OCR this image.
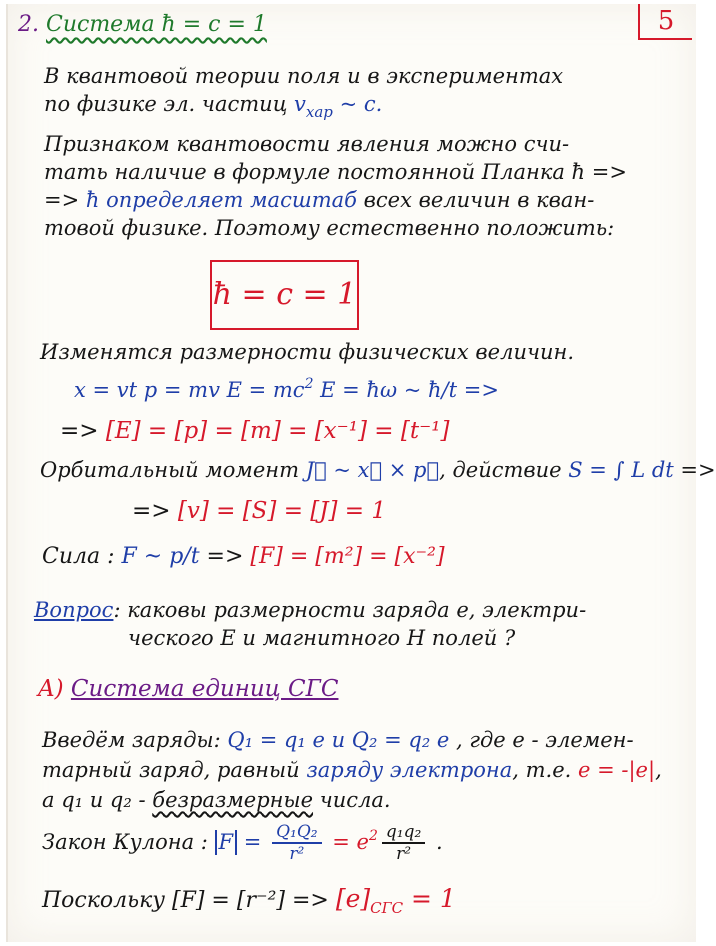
5
2. Система ħ = c = 1
В квантовой теории поля и в экспериментах
по физике эл. частиц $v_{хар}$ ~ c.
Признаком квантовости явления можно счи-
тать наличие в формуле постоянной Планка ħ =>
=> ħ определяет масштаб всех величин в кван-
товой физике. Поэтому естественно положить:
ħ = c = 1
Изменятся размерности физических величин.
x = vt p = mv $E = mc^2$ E = ħω ~ ħ/t =>
=> [E] = [p] = [m] = [x⁻¹] = [t⁻¹]
Орбитальный момент J⃗ ~ x⃗ × p⃗, действие S = ∫ L dt =>
=> [v] = [S] = [J] = 1
Сила : F ~ p/t => [F] = [m²] = [x⁻²]
Вопрос: каковы размерности заряда e, электри-
ческого E и магнитного H полей ?
A) Система единиц СГС
Введём заряды: Q₁ = q₁ e и Q₂ = q₂ e , где e - элемен-
тарный заряд, равный заряду электрона, т.е. e = -|e|,
а q₁ и q₂ - безразмерные числа.
Закон Кулона : $F = \frac{\text{Q₁Q₂}}{\text{r²}} = e^2 \frac{\text{q₁q₂}}{\text{r²}}$ .
Поскольку $[F] = [r^{-2}] => [e]_{СГС} = 1$
